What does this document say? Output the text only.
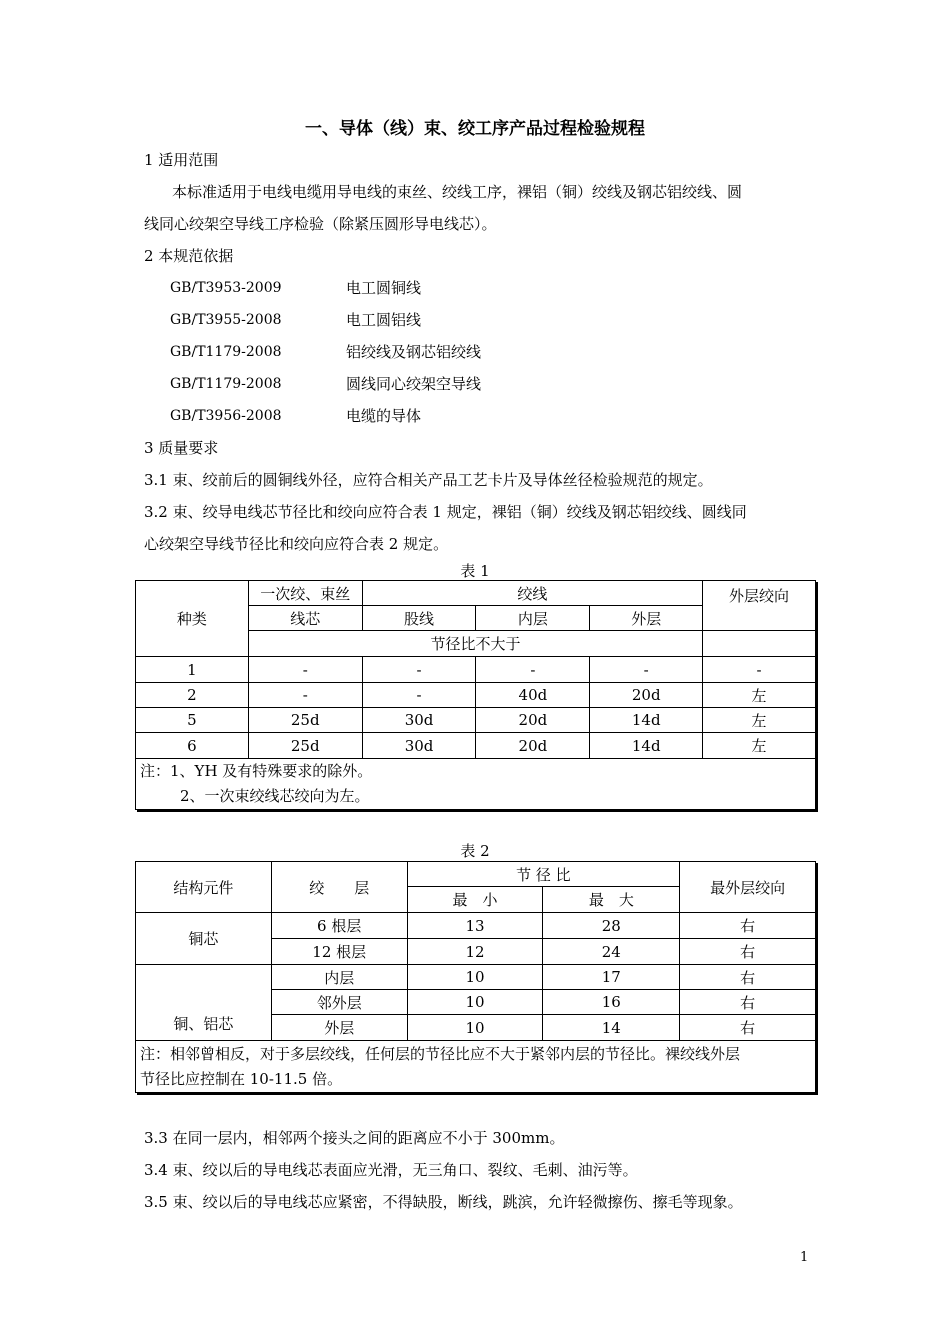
一、导体（线）束、绞工序产品过程检验规程
1 适用范围
本标准适用于电线电缆用导电线的束丝、绞线工序，裸铝（铜）绞线及钢芯铝绞线、圆
线同心绞架空导线工序检验（除紧压圆形导电线芯）。
2 本规范依据
GB/T3953-2009	电工圆铜线
GB/T3955-2008	电工圆铝线
GB/T1179-2008	铝绞线及钢芯铝绞线
GB/T1179-2008	圆线同心绞架空导线
GB/T3956-2008	电缆的导体
3 质量要求
3.1 束、绞前后的圆铜线外径，应符合相关产品工艺卡片及导体丝径检验规范的规定。
3.2 束、绞导电线芯节径比和绞向应符合表 1 规定，裸铝（铜）绞线及钢芯铝绞线、圆线同
心绞架空导线节径比和绞向应符合表 2 规定。
表 1
种类	一次绞、束丝	绞线			外层绞向
	线芯	股线	内层	外层	
	节径比不大于				
1	-	-	-	-	-
2	-	-	40d	20d	左
5	25d	30d	20d	14d	左
6	25d	30d	20d	14d	左

注：1、YH 及有特殊要求的除外。
2、一次束绞线芯绞向为左。					
表 2
结构元件	绞　　层	节 径 比		最外层绞向
		最　小	最　大	
铜芯	6 根层	13	28	右
	12 根层	12	24	右
铜、铝芯	内层	10	17	右
	邻外层	10	16	右
	外层	10	14	右

注：相邻曾相反，对于多层绞线，任何层的节径比应不大于紧邻内层的节径比。裸绞线外层
节径比应控制在 10-11.5 倍。				
3.3 在同一层内，相邻两个接头之间的距离应不小于 300mm。
3.4 束、绞以后的导电线芯表面应光滑，无三角口、裂纹、毛刺、油污等。
3.5 束、绞以后的导电线芯应紧密，不得缺股，断线，跳滨，允许轻微擦伤、擦毛等现象。
1
